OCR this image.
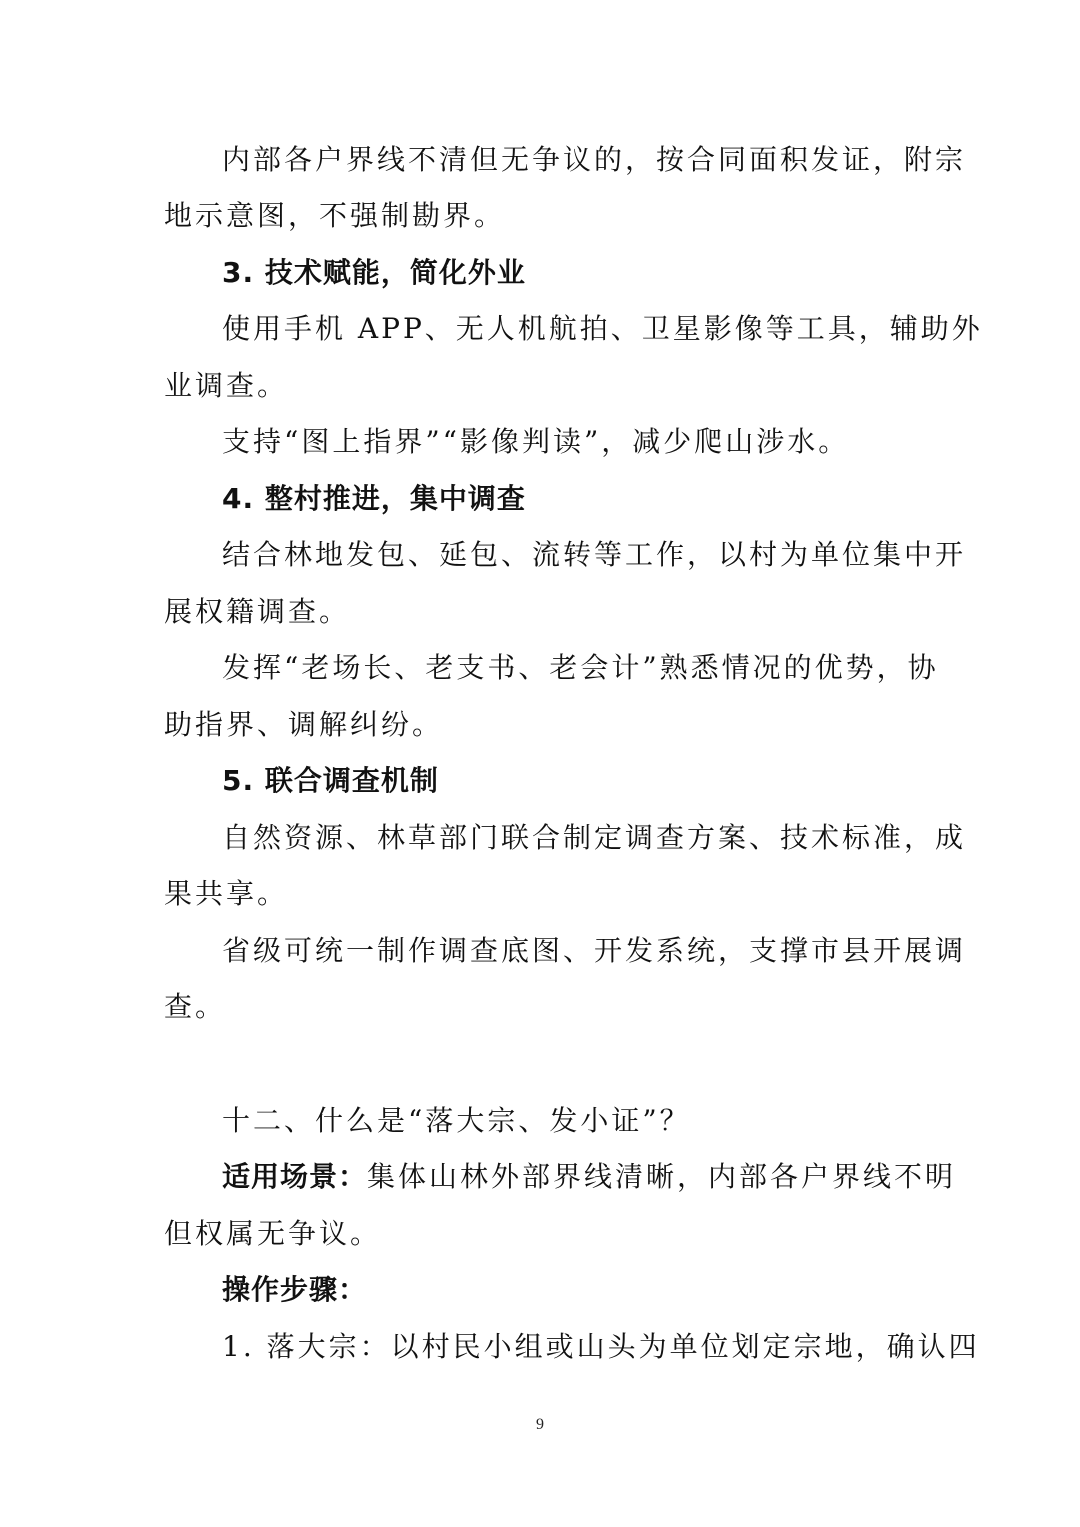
内部各户界线不清但无争议的，按合同面积发证，附宗
地示意图，不强制勘界。
3. 技术赋能，简化外业
使用手机 APP、无人机航拍、卫星影像等工具，辅助外
业调查。
支持“图上指界”“影像判读”，减少爬山涉水。
4. 整村推进，集中调查
结合林地发包、延包、流转等工作，以村为单位集中开
展权籍调查。
发挥“老场长、老支书、老会计”熟悉情况的优势，协
助指界、调解纠纷。
5. 联合调查机制
自然资源、林草部门联合制定调查方案、技术标准，成
果共享。
省级可统一制作调查底图、开发系统，支撑市县开展调
查。
十二、什么是“落大宗、发小证”？
适用场景：集体山林外部界线清晰，内部各户界线不明
但权属无争议。
操作步骤：
1. 落大宗：以村民小组或山头为单位划定宗地，确认四
9
